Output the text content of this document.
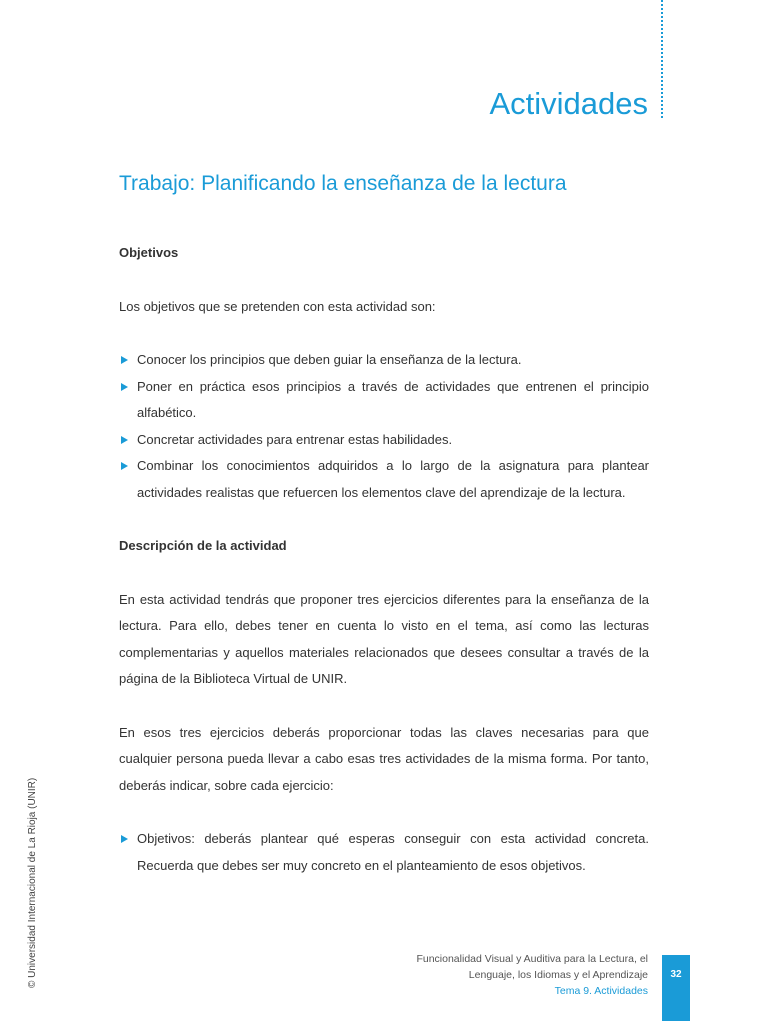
Actividades
Trabajo: Planificando la enseñanza de la lectura
Objetivos

Los objetivos que se pretenden con esta actividad son:

Conocer los principios que deben guiar la enseñanza de la lectura.
Poner en práctica esos principios a través de actividades que entrenen el principio alfabético.
Concretar actividades para entrenar estas habilidades.
Combinar los conocimientos adquiridos a lo largo de la asignatura para plantear actividades realistas que refuercen los elementos clave del aprendizaje de la lectura.
Descripción de la actividad

En esta actividad tendrás que proponer tres ejercicios diferentes para la enseñanza de la lectura. Para ello, debes tener en cuenta lo visto en el tema, así como las lecturas complementarias y aquellos materiales relacionados que desees consultar a través de la página de la Biblioteca Virtual de UNIR.

En esos tres ejercicios deberás proporcionar todas las claves necesarias para que cualquier persona pueda llevar a cabo esas tres actividades de la misma forma. Por tanto, deberás indicar, sobre cada ejercicio:

Objetivos: deberás plantear qué esperas conseguir con esta actividad concreta. Recuerda que debes ser muy concreto en el planteamiento de esos objetivos.
© Universidad Internacional de La Rioja (UNIR)	Funcionalidad Visual y Auditiva para la Lectura, el
Lenguaje, los Idiomas y el Aprendizaje
Tema 9. Actividades
32
